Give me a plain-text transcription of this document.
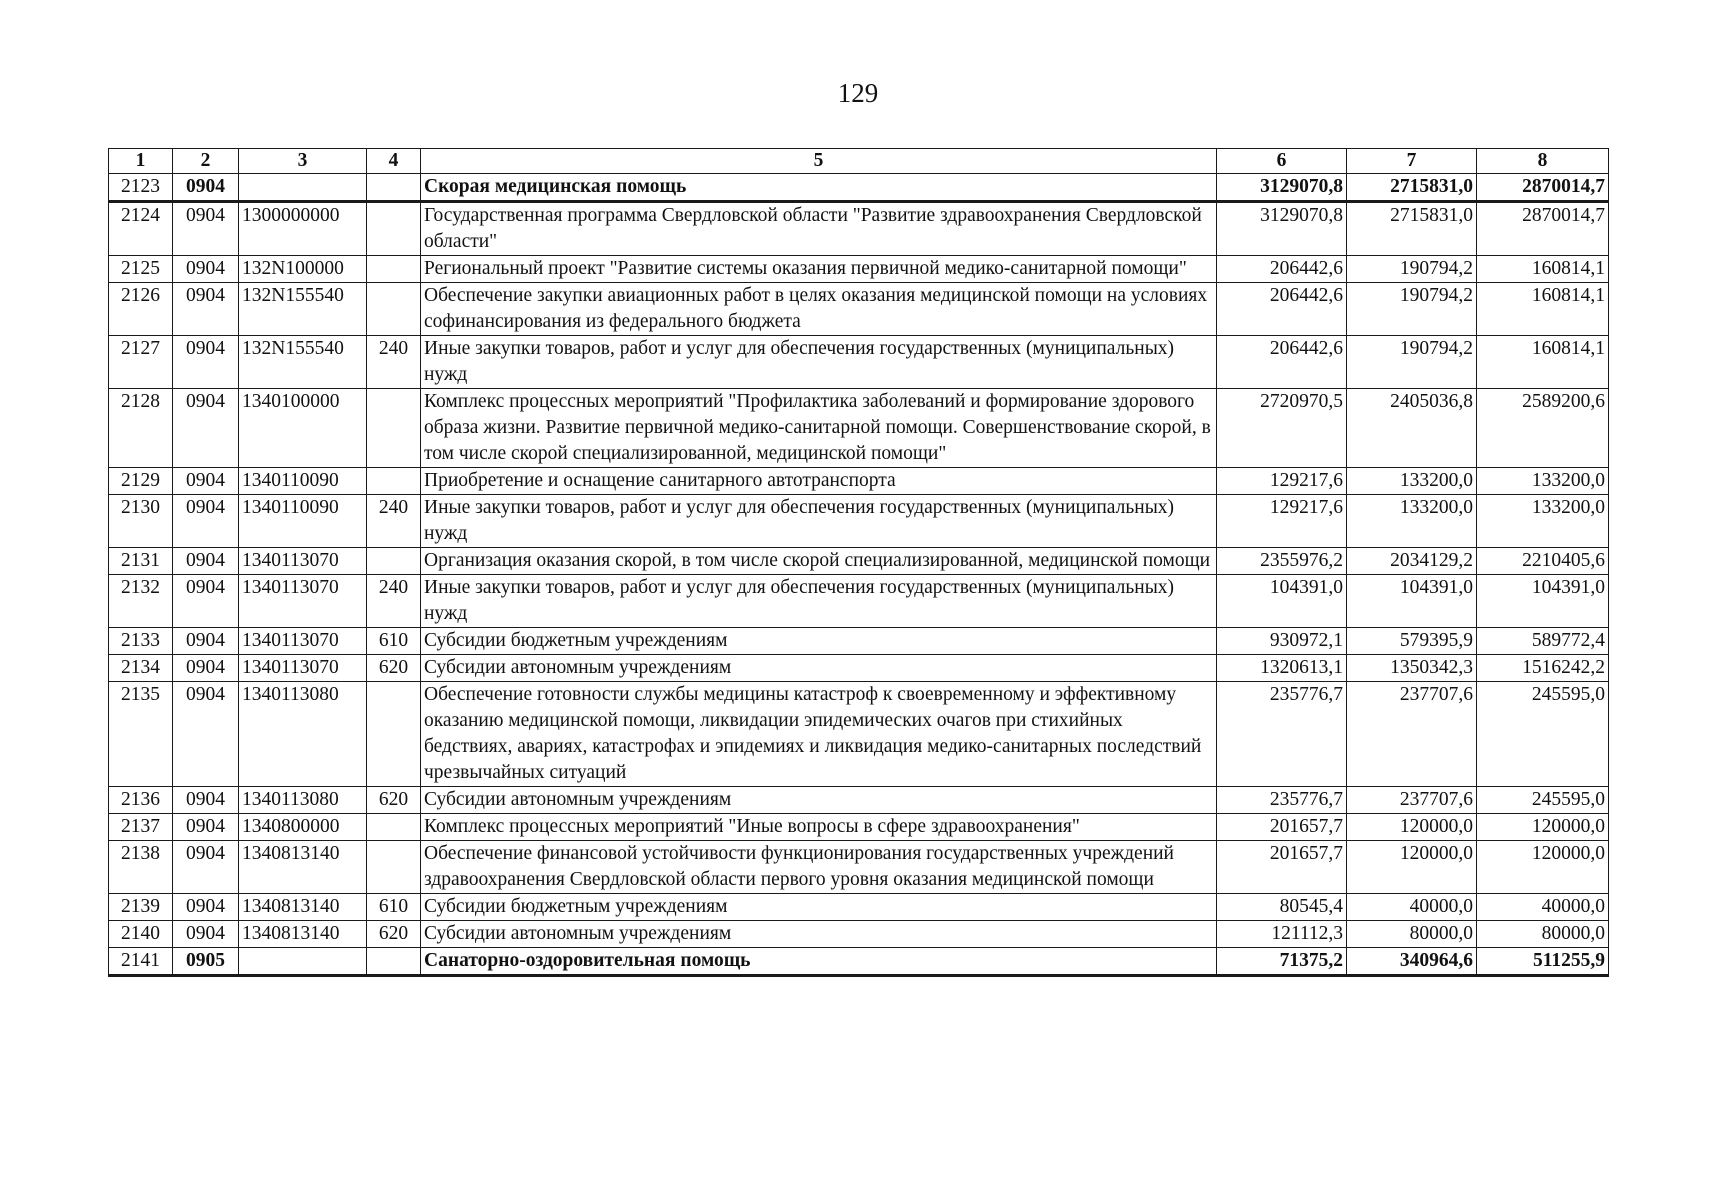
129
1	2	3	4	5	6	7	8
2123	0904			Скорая медицинская помощь	3129070,8	2715831,0	2870014,7
2124	0904	1300000000		Государственная программа Свердловской области "Развитие здравоохранения Свердловской области"	3129070,8	2715831,0	2870014,7
2125	0904	132N100000		Региональный проект "Развитие системы оказания первичной медико-санитарной помощи"	206442,6	190794,2	160814,1
2126	0904	132N155540		Обеспечение закупки авиационных работ в целях оказания медицинской помощи на условиях софинансирования из федерального бюджета	206442,6	190794,2	160814,1
2127	0904	132N155540	240	Иные закупки товаров, работ и услуг для обеспечения государственных (муниципальных) нужд	206442,6	190794,2	160814,1
2128	0904	1340100000		Комплекс процессных мероприятий "Профилактика заболеваний и формирование здорового образа жизни. Развитие первичной медико-санитарной помощи. Совершенствование скорой, в том числе скорой специализированной, медицинской помощи"	2720970,5	2405036,8	2589200,6
2129	0904	1340110090		Приобретение и оснащение санитарного автотранспорта	129217,6	133200,0	133200,0
2130	0904	1340110090	240	Иные закупки товаров, работ и услуг для обеспечения государственных (муниципальных) нужд	129217,6	133200,0	133200,0
2131	0904	1340113070		Организация оказания скорой, в том числе скорой специализированной, медицинской помощи	2355976,2	2034129,2	2210405,6
2132	0904	1340113070	240	Иные закупки товаров, работ и услуг для обеспечения государственных (муниципальных) нужд	104391,0	104391,0	104391,0
2133	0904	1340113070	610	Субсидии бюджетным учреждениям	930972,1	579395,9	589772,4
2134	0904	1340113070	620	Субсидии автономным учреждениям	1320613,1	1350342,3	1516242,2
2135	0904	1340113080		Обеспечение готовности службы медицины катастроф к своевременному и эффективному оказанию медицинской помощи, ликвидации эпидемических очагов при стихийных бедствиях, авариях, катастрофах и эпидемиях и ликвидация медико-санитарных последствий чрезвычайных ситуаций	235776,7	237707,6	245595,0
2136	0904	1340113080	620	Субсидии автономным учреждениям	235776,7	237707,6	245595,0
2137	0904	1340800000		Комплекс процессных мероприятий "Иные вопросы в сфере здравоохранения"	201657,7	120000,0	120000,0
2138	0904	1340813140		Обеспечение финансовой устойчивости функционирования государственных учреждений здравоохранения Свердловской области первого уровня оказания медицинской помощи	201657,7	120000,0	120000,0
2139	0904	1340813140	610	Субсидии бюджетным учреждениям	80545,4	40000,0	40000,0
2140	0904	1340813140	620	Субсидии автономным учреждениям	121112,3	80000,0	80000,0
2141	0905			Санаторно-оздоровительная помощь	71375,2	340964,6	511255,9
